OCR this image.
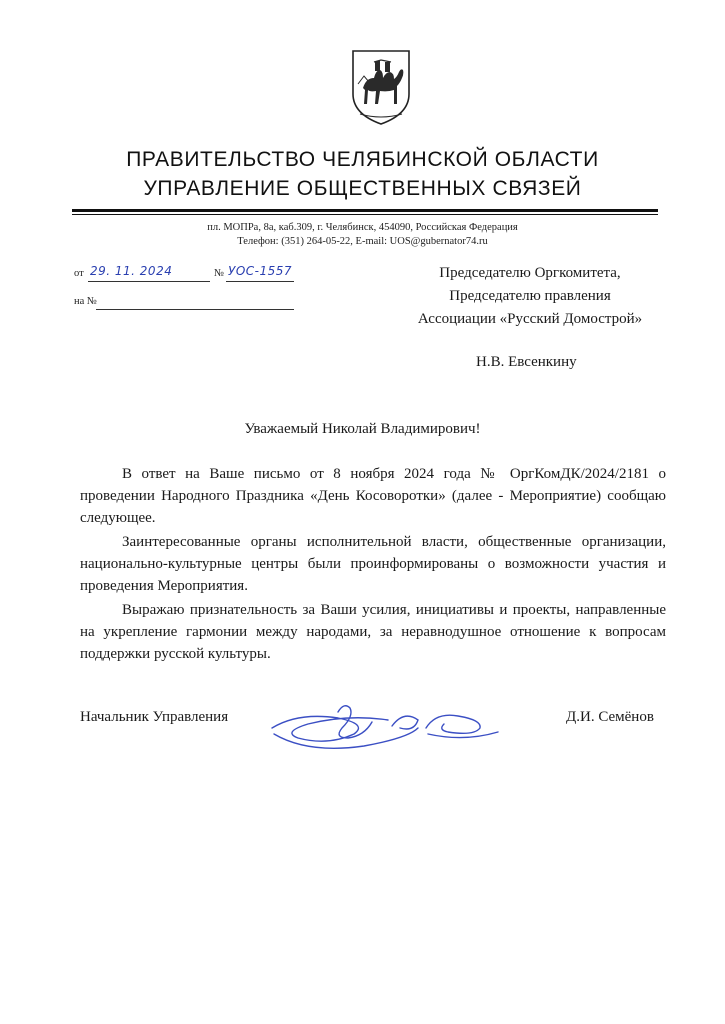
ПРАВИТЕЛЬСТВО ЧЕЛЯБИНСКОЙ ОБЛАСТИ
УПРАВЛЕНИЕ ОБЩЕСТВЕННЫХ СВЯЗЕЙ
пл. МОПРа, 8а, каб.309, г. Челябинск, 454090, Российская Федерация
Телефон: (351) 264-05-22, E-mail: UOS@gubernator74.ru
от 29. 11. 2024	№ УОС-1557
на №
Председателю Оргкомитета,
Председателю правления
Ассоциации «Русский Домострой»
Н.В. Евсенкину
Уважаемый Николай Владимирович!
В ответ на Ваше письмо от 8 ноября 2024 года № ОргКомДК/2024/2181 о проведении Народного Праздника «День Косоворотки» (далее - Мероприятие) сообщаю следующее.
Заинтересованные органы исполнительной власти, общественные организации, национально-культурные центры были проинформированы о возможности участия и проведения Мероприятия.
Выражаю признательность за Ваши усилия, инициативы и проекты, направленные на укрепление гармонии между народами, за неравнодушное отношение к вопросам поддержки русской культуры.
Начальник Управления	Д.И. Семёнов
